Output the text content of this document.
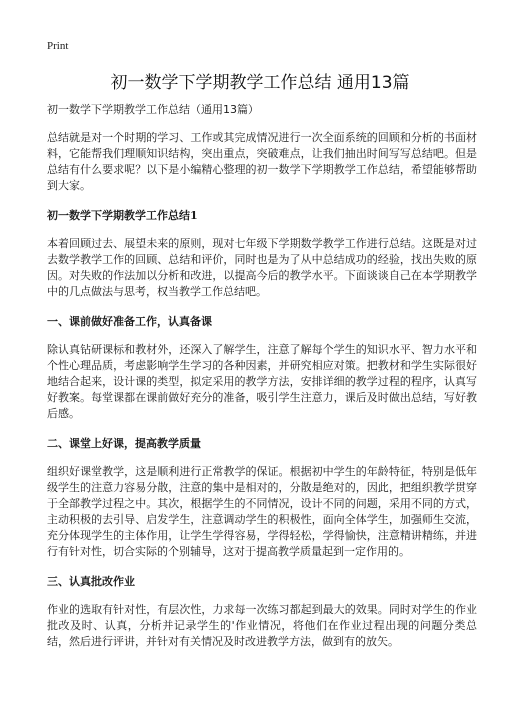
Print
初一数学下学期教学工作总结 通用13篇

初一数学下学期教学工作总结（通用13篇）

总结就是对一个时期的学习、工作或其完成情况进行一次全面系统的回顾和分析的书面材料，它能帮我们理顺知识结构，突出重点，突破难点，让我们抽出时间写写总结吧。但是总结有什么要求呢？以下是小编精心整理的初一数学下学期教学工作总结，希望能够帮助到大家。

初一数学下学期教学工作总结1

本着回顾过去、展望未来的原则，现对七年级下学期数学教学工作进行总结。这既是对过去数学教学工作的回顾、总结和评价，同时也是为了从中总结成功的经验，找出失败的原因。对失败的作法加以分析和改进，以提高今后的教学水平。下面谈谈自己在本学期教学中的几点做法与思考，权当教学工作总结吧。

一、课前做好准备工作，认真备课

除认真钻研课标和教材外，还深入了解学生，注意了解每个学生的知识水平、智力水平和个性心理品质，考虑影响学生学习的各种因素，并研究相应对策。把教材和学生实际很好地结合起来，设计课的类型，拟定采用的教学方法，安排详细的教学过程的程序，认真写好教案。每堂课都在课前做好充分的准备，吸引学生注意力，课后及时做出总结，写好教后感。

二、课堂上好课，提高教学质量

组织好课堂教学，这是顺利进行正常教学的保证。根据初中学生的年龄特征，特别是低年级学生的注意力容易分散，注意的集中是相对的，分散是绝对的，因此，把组织教学贯穿于全部教学过程之中。其次，根据学生的不同情况，设计不同的问题，采用不同的方式，主动积极的去引导、启发学生，注意调动学生的积极性，面向全体学生，加强师生交流，充分体现学生的主体作用，让学生学得容易，学得轻松，学得愉快，注意精讲精练，并进行有针对性，切合实际的个别辅导，这对于提高教学质量起到一定作用的。

三、认真批改作业

作业的选取有针对性，有层次性，力求每一次练习都起到最大的效果。同时对学生的作业批改及时、认真，分析并记录学生的'作业情况，将他们在作业过程出现的问题分类总结，然后进行评讲，并针对有关情况及时改进教学方法，做到有的放矢。
